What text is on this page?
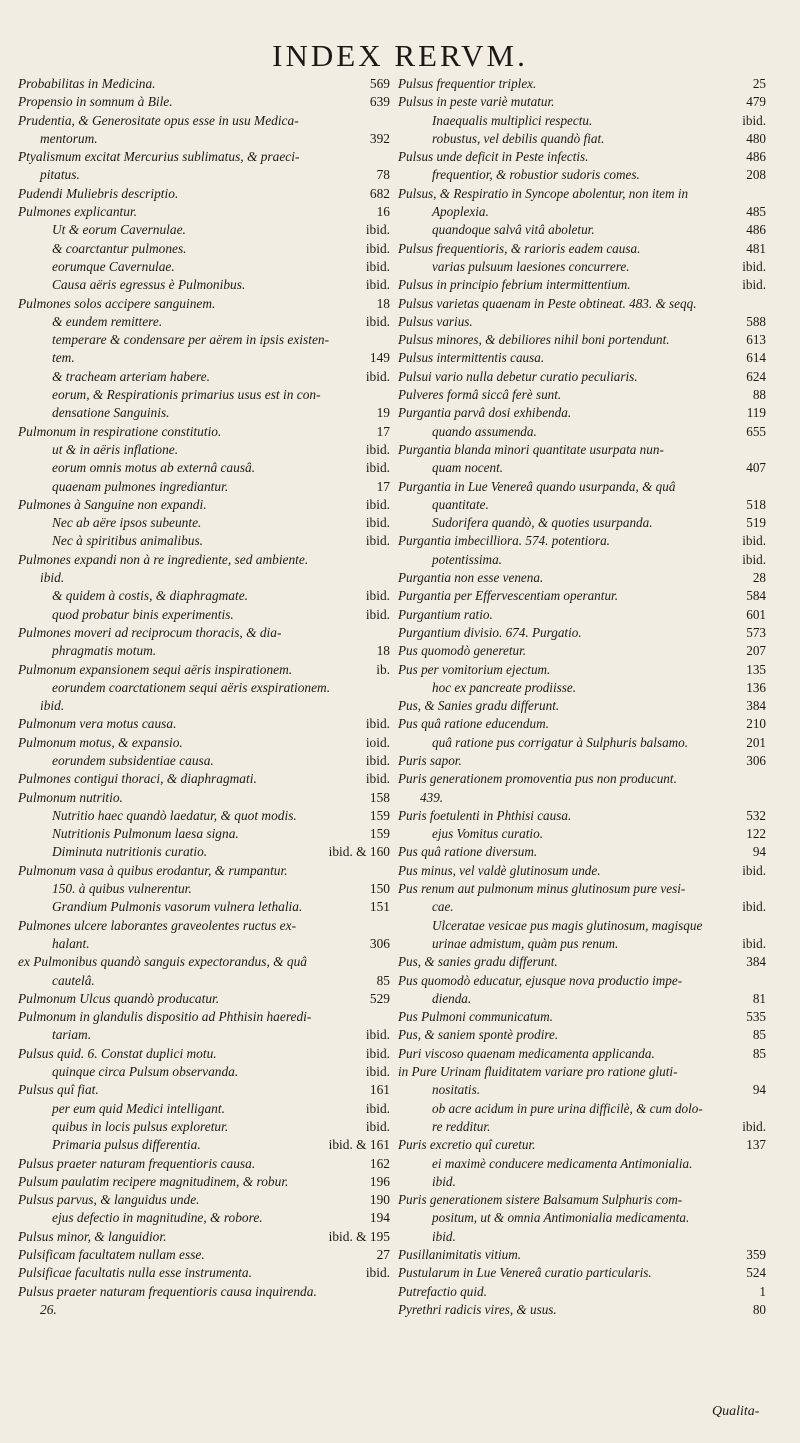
INDEX RERVM.
Probabilitas in Medicina.	569
Propensio in somnum à Bile.	639
Prudentia, & Generositate opus esse in usu Medica-
mentorum.	392
Ptyalismum excitat Mercurius sublimatus, & praeci-
pitatus.	78
Pudendi Muliebris descriptio.	682
Pulmones explicantur.	16
Ut & eorum Cavernulae.	ibid.
& coarctantur pulmones.	ibid.
eorumque Cavernulae.	ibid.
Causa aëris egressus è Pulmonibus.	ibid.
Pulmones solos accipere sanguinem.	18
& eundem remittere.	ibid.
temperare & condensare per aërem in ipsis existen-
tem.	149
& tracheam arteriam habere.	ibid.
eorum, & Respirationis primarius usus est in con-
densatione Sanguinis.	19
Pulmonum in respiratione constitutio.	17
ut & in aëris inflatione.	ibid.
eorum omnis motus ab externâ causâ.	ibid.
quaenam pulmones ingrediantur.	17
Pulmones à Sanguine non expandi.	ibid.
Nec ab aëre ipsos subeunte.	ibid.
Nec à spiritibus animalibus.	ibid.
Pulmones expandi non à re ingrediente, sed ambiente.
ibid.
& quidem à costis, & diaphragmate.	ibid.
quod probatur binis experimentis.	ibid.
Pulmones moveri ad reciprocum thoracis, & dia-
phragmatis motum.	18
Pulmonum expansionem sequi aëris inspirationem.	ib.
eorundem coarctationem sequi aëris exspirationem.
ibid.
Pulmonum vera motus causa.	ibid.
Pulmonum motus, & expansio.	ioid.
eorundem subsidentiae causa.	ibid.
Pulmones contigui thoraci, & diaphragmati.	ibid.
Pulmonum nutritio.	158
Nutritio haec quandò laedatur, & quot modis.	159
Nutritionis Pulmonum laesa signa.	159
Diminuta nutritionis curatio.	ibid. & 160
Pulmonum vasa à quibus erodantur, & rumpantur.
150. à quibus vulnerentur.	150
Grandium Pulmonis vasorum vulnera lethalia.	151
Pulmones ulcere laborantes graveolentes ructus ex-
halant.	306
ex Pulmonibus quandò sanguis expectorandus, & quâ
cautelâ.	85
Pulmonum Ulcus quandò producatur.	529
Pulmonum in glandulis dispositio ad Phthisin haeredi-
tariam.	ibid.
Pulsus quid. 6. Constat duplici motu.	ibid.
quinque circa Pulsum observanda.	ibid.
Pulsus quî fiat.	161
per eum quid Medici intelligant.	ibid.
quibus in locis pulsus exploretur.	ibid.
Primaria pulsus differentia.	ibid. & 161
Pulsus praeter naturam frequentioris causa.	162
Pulsum paulatim recipere magnitudinem, & robur.	196
Pulsus parvus, & languidus unde.	190
ejus defectio in magnitudine, & robore.	194
Pulsus minor, & languidior.	ibid. & 195
Pulsificam facultatem nullam esse.	27
Pulsificae facultatis nulla esse instrumenta.	ibid.
Pulsus praeter naturam frequentioris causa inquirenda.
26.
Pulsus frequentior triplex.	25
Pulsus in peste variè mutatur.	479
Inaequalis multiplici respectu.	ibid.
robustus, vel debilis quandò fiat.	480
Pulsus unde deficit in Peste infectis.	486
frequentior, & robustior sudoris comes.	208
Pulsus, & Respiratio in Syncope abolentur, non item in
Apoplexia.	485
quandoque salvâ vitâ aboletur.	486
Pulsus frequentioris, & rarioris eadem causa.	481
varias pulsuum laesiones concurrere.	ibid.
Pulsus in principio febrium intermittentium.	ibid.
Pulsus varietas quaenam in Peste obtineat. 483. & seqq.
Pulsus varius.	588
Pulsus minores, & debiliores nihil boni portendunt.	613
Pulsus intermittentis causa.	614
Pulsui vario nulla debetur curatio peculiaris.	624
Pulveres formâ siccâ ferè sunt.	88
Purgantia parvâ dosi exhibenda.	119
quando assumenda.	655
Purgantia blanda minori quantitate usurpata nun-
quam nocent.	407
Purgantia in Lue Venereâ quando usurpanda, & quâ
quantitate.	518
Sudorifera quandò, & quoties usurpanda.	519
Purgantia imbecilliora. 574. potentiora.	ibid.
potentissima.	ibid.
Purgantia non esse venena.	28
Purgantia per Effervescentiam operantur.	584
Purgantium ratio.	601
Purgantium divisio. 674. Purgatio.	573
Pus quomodò generetur.	207
Pus per vomitorium ejectum.	135
hoc ex pancreate prodiisse.	136
Pus, & Sanies gradu differunt.	384
Pus quâ ratione educendum.	210
quâ ratione pus corrigatur à Sulphuris balsamo.	201
Puris sapor.	306
Puris generationem promoventia pus non producunt.
439.
Puris foetulenti in Phthisi causa.	532
ejus Vomitus curatio.	122
Pus quâ ratione diversum.	94
Pus minus, vel valdè glutinosum unde.	ibid.
Pus renum aut pulmonum minus glutinosum pure vesi-
cae.	ibid.
Ulceratae vesicae pus magis glutinosum, magisque
urinae admistum, quàm pus renum.	ibid.
Pus, & sanies gradu differunt.	384
Pus quomodò educatur, ejusque nova productio impe-
dienda.	81
Pus Pulmoni communicatum.	535
Pus, & saniem spontè prodire.	85
Puri viscoso quaenam medicamenta applicanda.	85
in Pure Urinam fluiditatem variare pro ratione gluti-
nositatis.	94
ob acre acidum in pure urina difficilè, & cum dolo-
re redditur.	ibid.
Puris excretio quî curetur.	137
ei maximè conducere medicamenta Antimonialia.
ibid.
Puris generationem sistere Balsamum Sulphuris com-
positum, ut & omnia Antimonialia medicamenta.
ibid.
Pusillanimitatis vitium.	359
Pustularum in Lue Venereâ curatio particularis.	524
Putrefactio quid.	1
Pyrethri radicis vires, & usus.	80
Qualita-
